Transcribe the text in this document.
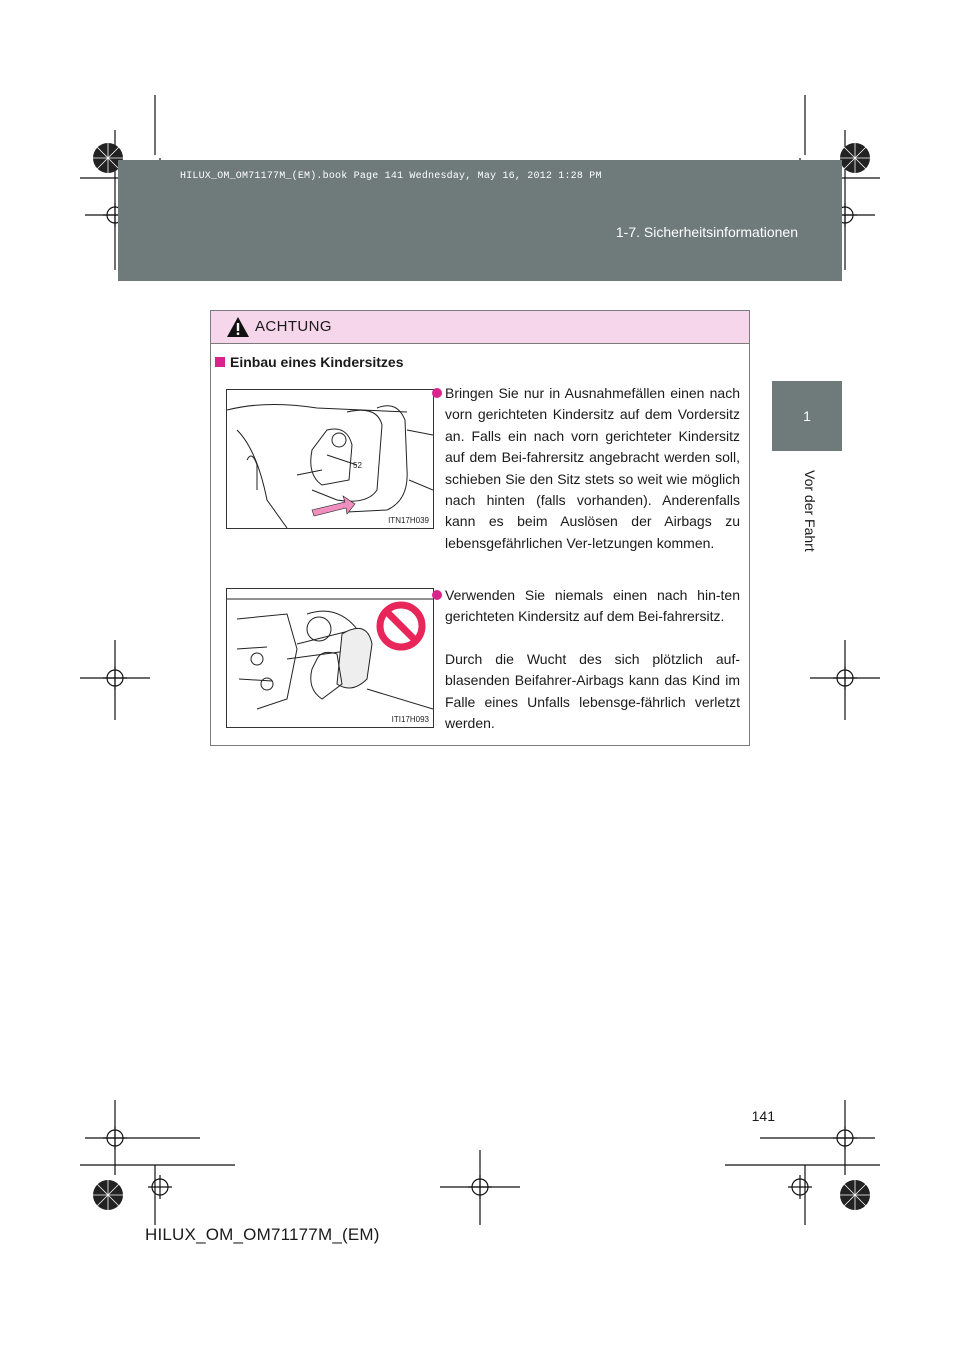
HILUX_OM_OM71177M_(EM).book Page 141 Wednesday, May 16, 2012 1:28 PM
1-7. Sicherheitsinformationen
1
Vor der Fahrt
ACHTUNG
Einbau eines Kindersitzes
52
ITN17H039
ITI17H093
Bringen Sie nur in Ausnahmefällen einen nach vorn gerichteten Kindersitz auf dem Vordersitz an. Falls ein nach vorn gerichteter Kindersitz auf dem Bei-fahrersitz angebracht werden soll, schieben Sie den Sitz stets so weit wie möglich nach hinten (falls vorhanden). Anderenfalls kann es beim Auslösen der Airbags zu lebensgefährlichen Ver-letzungen kommen.
Verwenden Sie niemals einen nach hin-ten gerichteten Kindersitz auf dem Bei-fahrersitz.
Durch die Wucht des sich plötzlich auf-blasenden Beifahrer-Airbags kann das Kind im Falle eines Unfalls lebensge-fährlich verletzt werden.
141
HILUX_OM_OM71177M_(EM)
